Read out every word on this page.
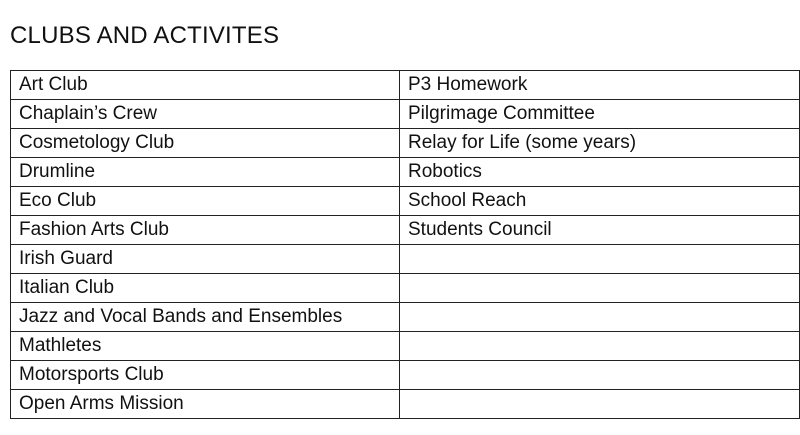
CLUBS AND ACTIVITES
Art Club	P3 Homework
Chaplain’s Crew	Pilgrimage Committee
Cosmetology Club	Relay for Life (some years)
Drumline	Robotics
Eco Club	School Reach
Fashion Arts Club	Students Council
Irish Guard	
Italian Club	
Jazz and Vocal Bands and Ensembles	
Mathletes	
Motorsports Club	
Open Arms Mission	
